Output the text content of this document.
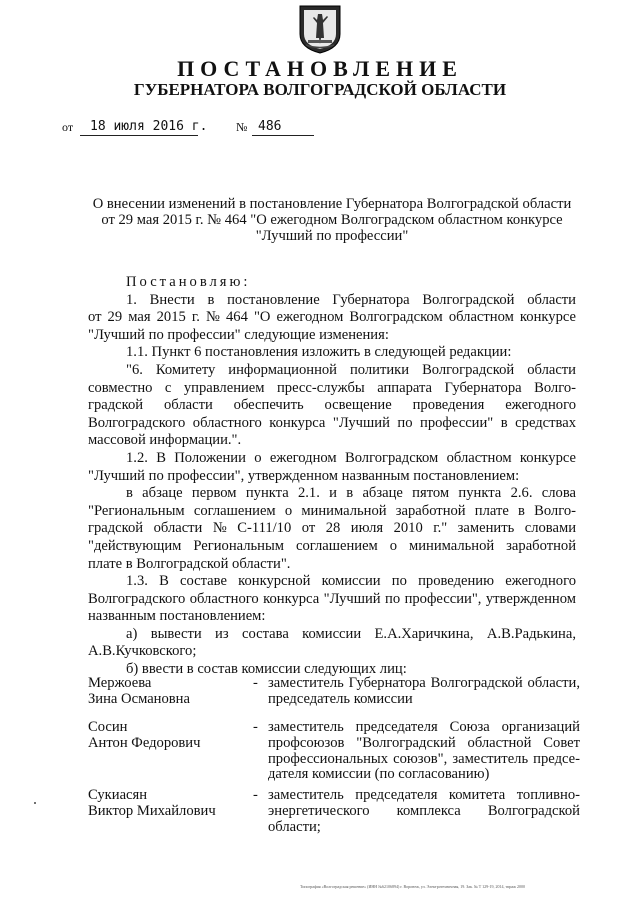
ПОСТАНОВЛЕНИЕ
ГУБЕРНАТОРА ВОЛГОГРАДСКОЙ ОБЛАСТИ
от 18 июля 2016 г. № 486
О внесении изменений в постановление Губернатора Волгоградской области
от 29 мая 2015 г. № 464 "О ежегодном Волгоградском областном конкурсе
"Лучший по профессии"

Постановляю:

1. Внести в постановление Губернатора Волгоградской области

от 29 мая 2015 г. № 464 "О ежегодном Волгоградском областном конкурсе

"Лучший по профессии" следующие изменения:

1.1. Пункт 6 постановления изложить в следующей редакции:

"6. Комитету информационной политики Волгоградской области

совместно с управлением пресс-службы аппарата Губернатора Волго-

градской области обеспечить освещение проведения ежегодного

Волгоградского областного конкурса "Лучший по профессии" в средствах

массовой информации.".

1.2. В Положении о ежегодном Волгоградском областном конкурсе

"Лучший по профессии", утвержденном названным постановлением:

в абзаце первом пункта 2.1. и в абзаце пятом пункта 2.6. слова

"Региональным соглашением о минимальной заработной плате в Волго-

градской области № С-111/10 от 28 июля 2010 г." заменить словами

"действующим Региональным соглашением о минимальной заработной

плате в Волгоградской области".

1.3. В составе конкурсной комиссии по проведению ежегодного

Волгоградского областного конкурса "Лучший по профессии", утвержденном

названным постановлением:

а) вывести из состава комиссии Е.А.Харичкина, А.В.Радькина,

А.В.Кучковского;

б) ввести в состав комиссии следующих лиц:

Мержоева
Зина Османовна
- заместитель Губернатора Волгоградской области,
председатель комиссии
Сосин
Антон Федорович
- заместитель председателя Союза организаций
профсоюзов "Волгоградский областной Совет
профессиональных союзов", заместитель предсе-
дателя комиссии (по согласованию)
Сукиасян
Виктор Михайлович
- заместитель председателя комитета топливно-
энергетического комплекса Волгоградской
области;
Типография «Волгоградская решение» (ИНН №62106894) г. Воронеж, ул. Электротехничная, 19. Зак. № Т 129-19, 2014, тираж 2000
